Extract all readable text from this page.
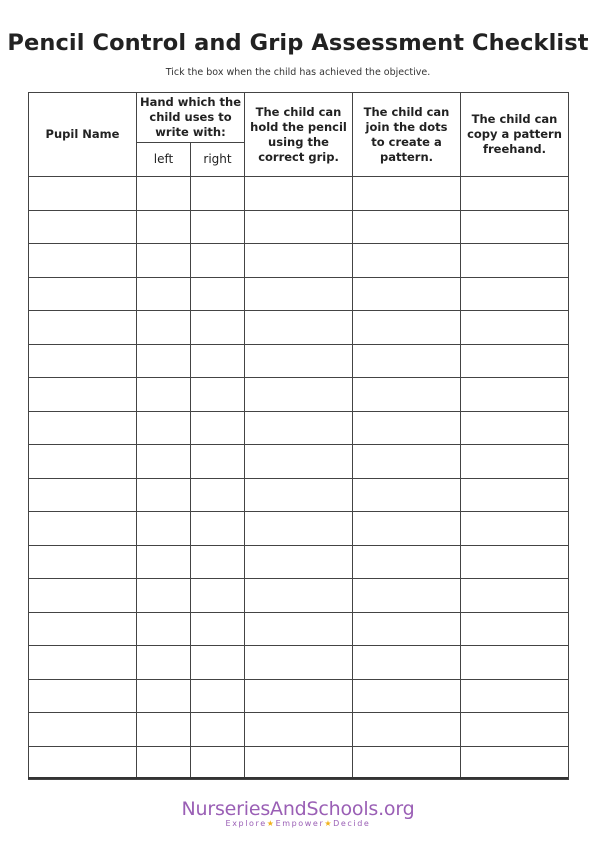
Pencil Control and Grip Assessment Checklist
Tick the box when the child has achieved the objective.
Pupil Name	Hand which the child uses to write with:		The child can hold the pencil using the correct grip.	The child can join the dots to create a pattern.	The child can copy a pattern freehand.
	left	right			

NurseriesAndSchools.org
Explore★Empower★Decide
